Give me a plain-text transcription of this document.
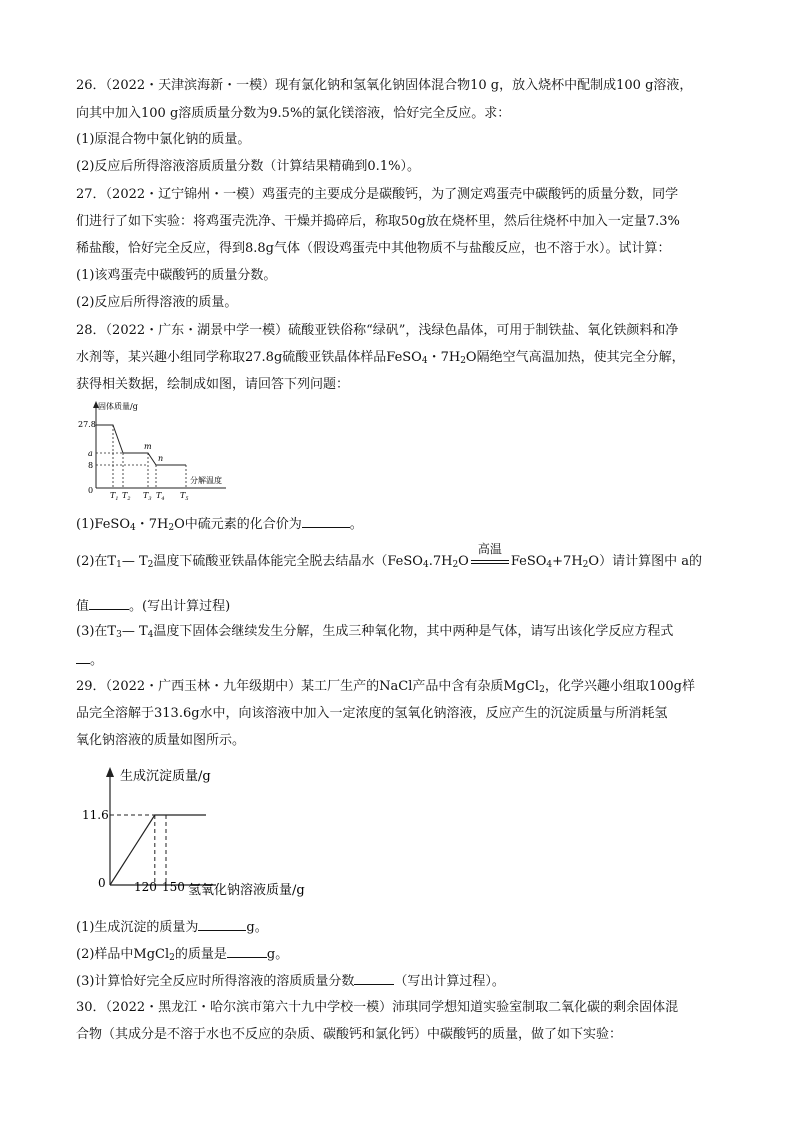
26．（2022・天津滨海新・一模）现有氯化钠和氢氧化钠固体混合物10 g，放入烧杯中配制成100 g溶液，
向其中加入100 g溶质质量分数为9.5%的氯化镁溶液，恰好完全反应。求：
(1)原混合物中氯化钠的质量。
(2)反应后所得溶液溶质质量分数（计算结果精确到0.1%）。
27．（2022・辽宁锦州・一模）鸡蛋壳的主要成分是碳酸钙，为了测定鸡蛋壳中碳酸钙的质量分数，同学
们进行了如下实验：将鸡蛋壳洗净、干燥并捣碎后，称取50g放在烧杯里，然后往烧杯中加入一定量7.3%
稀盐酸，恰好完全反应，得到8.8g气体（假设鸡蛋壳中其他物质不与盐酸反应，也不溶于水）。试计算：
(1)该鸡蛋壳中碳酸钙的质量分数。
(2)反应后所得溶液的质量。
28．（2022・广东・湖景中学一模）硫酸亚铁俗称“绿矾”，浅绿色晶体，可用于制铁盐、氧化铁颜料和净
水剂等，某兴趣小组同学称取27.8g硫酸亚铁晶体样品FeSO$_4$・$7H_2O$隔绝空气高温加热，使其完全分解，
获得相关数据，绘制成如图，请回答下列问题：
固体质量/g
27.8
a
8
0
m
n
分解温度
$T_1$ $T_2$ $T_3$ $T_4$ $T_5$
(1)FeSO$_4$・$7H_2O$中硫元素的化合价为	。
(2)在$T_1—$ $T_2$温度下硫酸亚铁晶体能完全脱去结晶水（$FeSO_4.7H_2O$
高温
$FeSO_4+7H_2O$）请计算图中 a的
值	。(写出计算过程)
(3)在$T_3—$ $T_4$温度下固体会继续发生分解，生成三种氧化物，其中两种是气体，请写出该化学反应方程式
。
29．（2022・广西玉林・九年级期中）某工厂生产的NaCl产品中含有杂质MgCl$_2$，化学兴趣小组取100g样
品完全溶解于313.6g水中，向该溶液中加入一定浓度的氢氧化钠溶液，反应产生的沉淀质量与所消耗氢
氧化钠溶液的质量如图所示。
生成沉淀质量/g
11.6
0 120 150 氢氧化钠溶液质量/g
(1)生成沉淀的质量为	g。
(2)样品中MgCl$_2$的质量是	g。
(3)计算恰好完全反应时所得溶液的溶质质量分数	（写出计算过程）。
30．（2022・黑龙江・哈尔滨市第六十九中学校一模）沛琪同学想知道实验室制取二氧化碳的剩余固体混
合物（其成分是不溶于水也不反应的杂质、碳酸钙和氯化钙）中碳酸钙的质量，做了如下实验：
